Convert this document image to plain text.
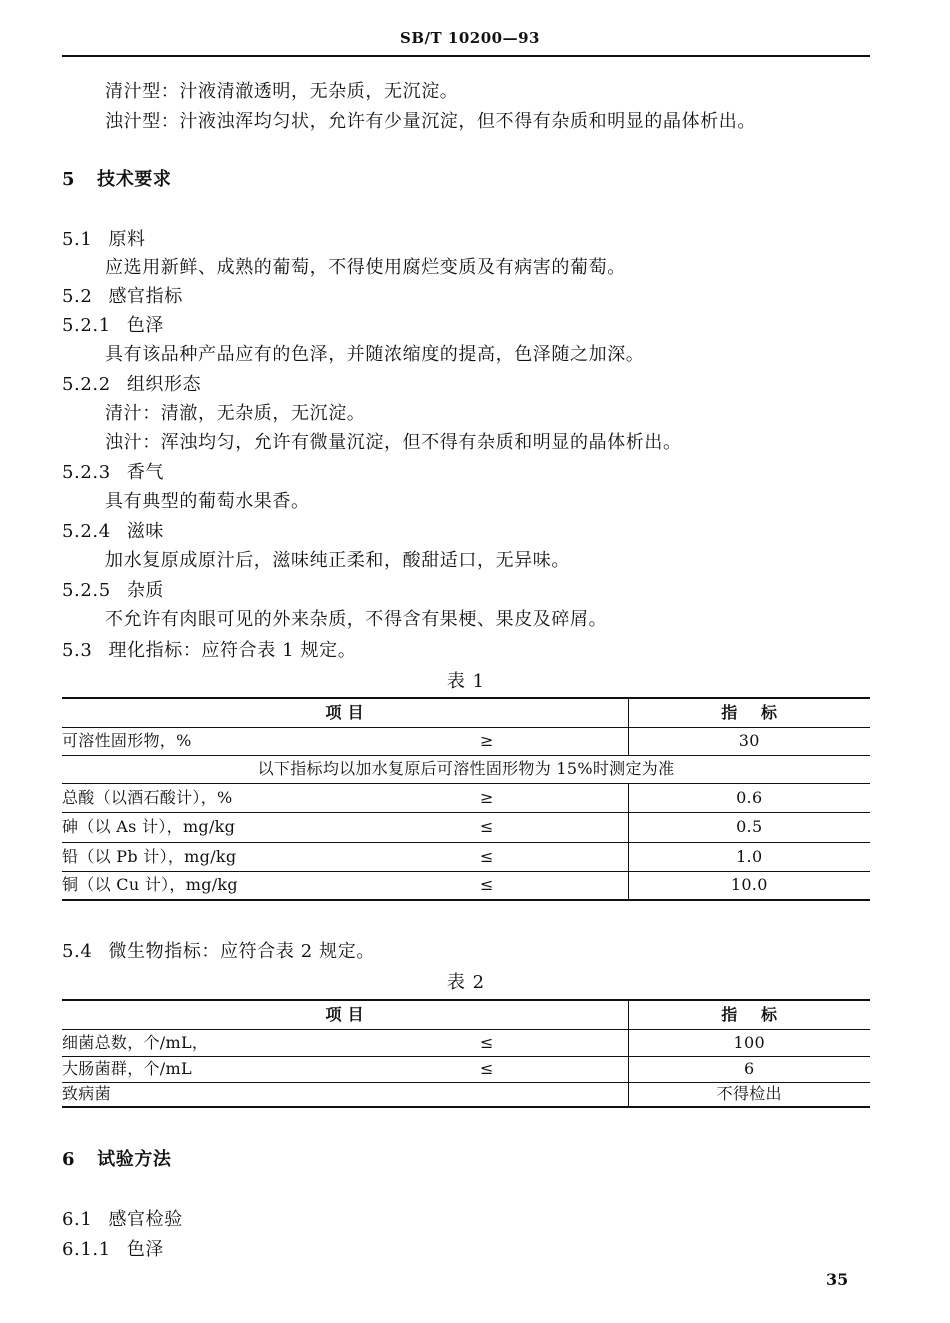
SB/T 10200—93
清汁型：汁液清澈透明，无杂质，无沉淀。
浊汁型：汁液浊浑均匀状，允许有少量沉淀，但不得有杂质和明显的晶体析出。
5 技术要求
5.1 原料
应选用新鲜、成熟的葡萄，不得使用腐烂变质及有病害的葡萄。
5.2 感官指标
5.2.1 色泽
具有该品种产品应有的色泽，并随浓缩度的提高，色泽随之加深。
5.2.2 组织形态
清汁：清澈，无杂质，无沉淀。
浊汁：浑浊均匀，允许有微量沉淀，但不得有杂质和明显的晶体析出。
5.2.3 香气
具有典型的葡萄水果香。
5.2.4 滋味
加水复原成原汁后，滋味纯正柔和，酸甜适口，无异味。
5.2.5 杂质
不允许有肉眼可见的外来杂质，不得含有果梗、果皮及碎屑。
5.3 理化指标：应符合表 1 规定。
表 1
项 目		指    标
可溶性固形物，%	≥	30
以下指标均以加水复原后可溶性固形物为 15%时测定为准		
总酸（以酒石酸计），%	≥	0.6
砷（以 As 计），mg/kg	≤	0.5
铅（以 Pb 计），mg/kg	≤	1.0
铜（以 Cu 计），mg/kg	≤	10.0
5.4 微生物指标：应符合表 2 规定。
表 2
项 目		指    标
细菌总数，个/mL，	≤	100
大肠菌群，个/mL	≤	6
致病菌		不得检出
6 试验方法
6.1 感官检验
6.1.1 色泽
35
